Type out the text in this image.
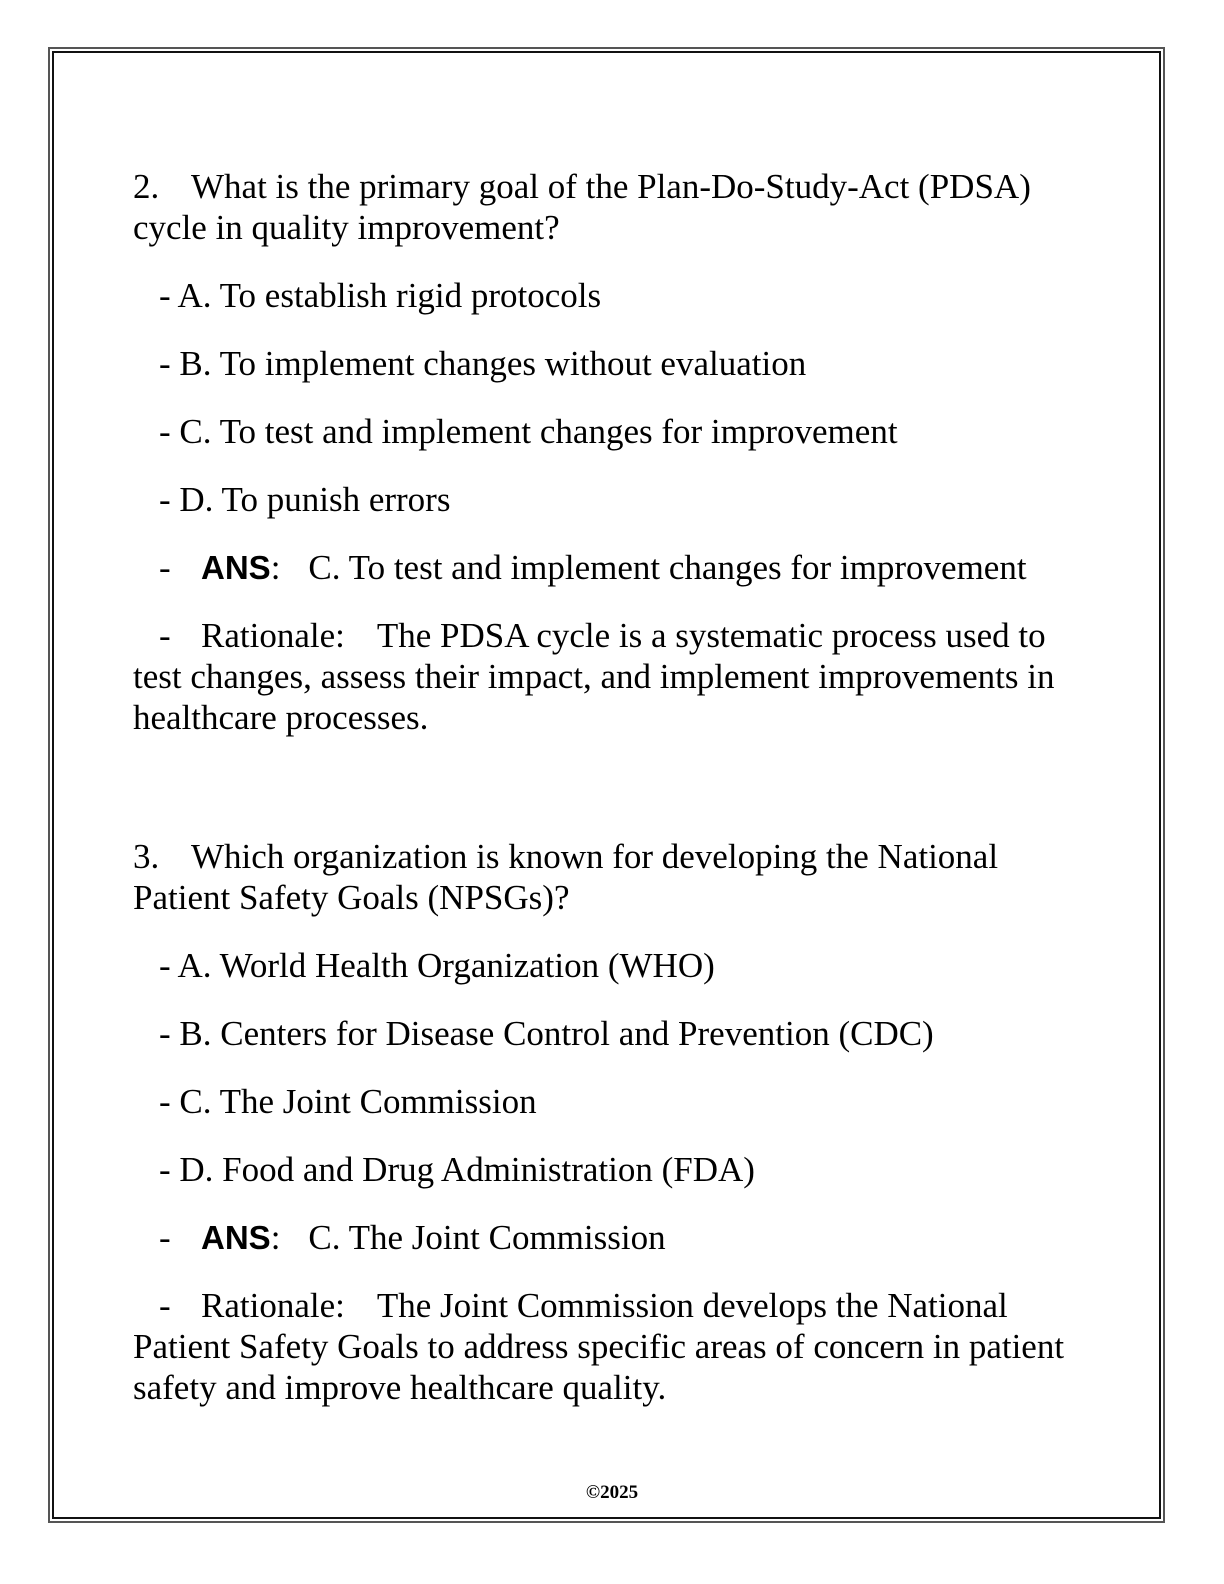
2. What is the primary goal of the Plan-Do-Study-Act (PDSA) cycle in quality improvement?

- A. To establish rigid protocols

- B. To implement changes without evaluation

- C. To test and implement changes for improvement

- D. To punish errors

- ANS: C. To test and implement changes for improvement

- Rationale: The PDSA cycle is a systematic process used to test changes, assess their impact, and implement improvements in healthcare processes.

3. Which organization is known for developing the National Patient Safety Goals (NPSGs)?

- A. World Health Organization (WHO)

- B. Centers for Disease Control and Prevention (CDC)

- C. The Joint Commission

- D. Food and Drug Administration (FDA)

- ANS: C. The Joint Commission

- Rationale: The Joint Commission develops the National Patient Safety Goals to address specific areas of concern in patient safety and improve healthcare quality.

©2025
